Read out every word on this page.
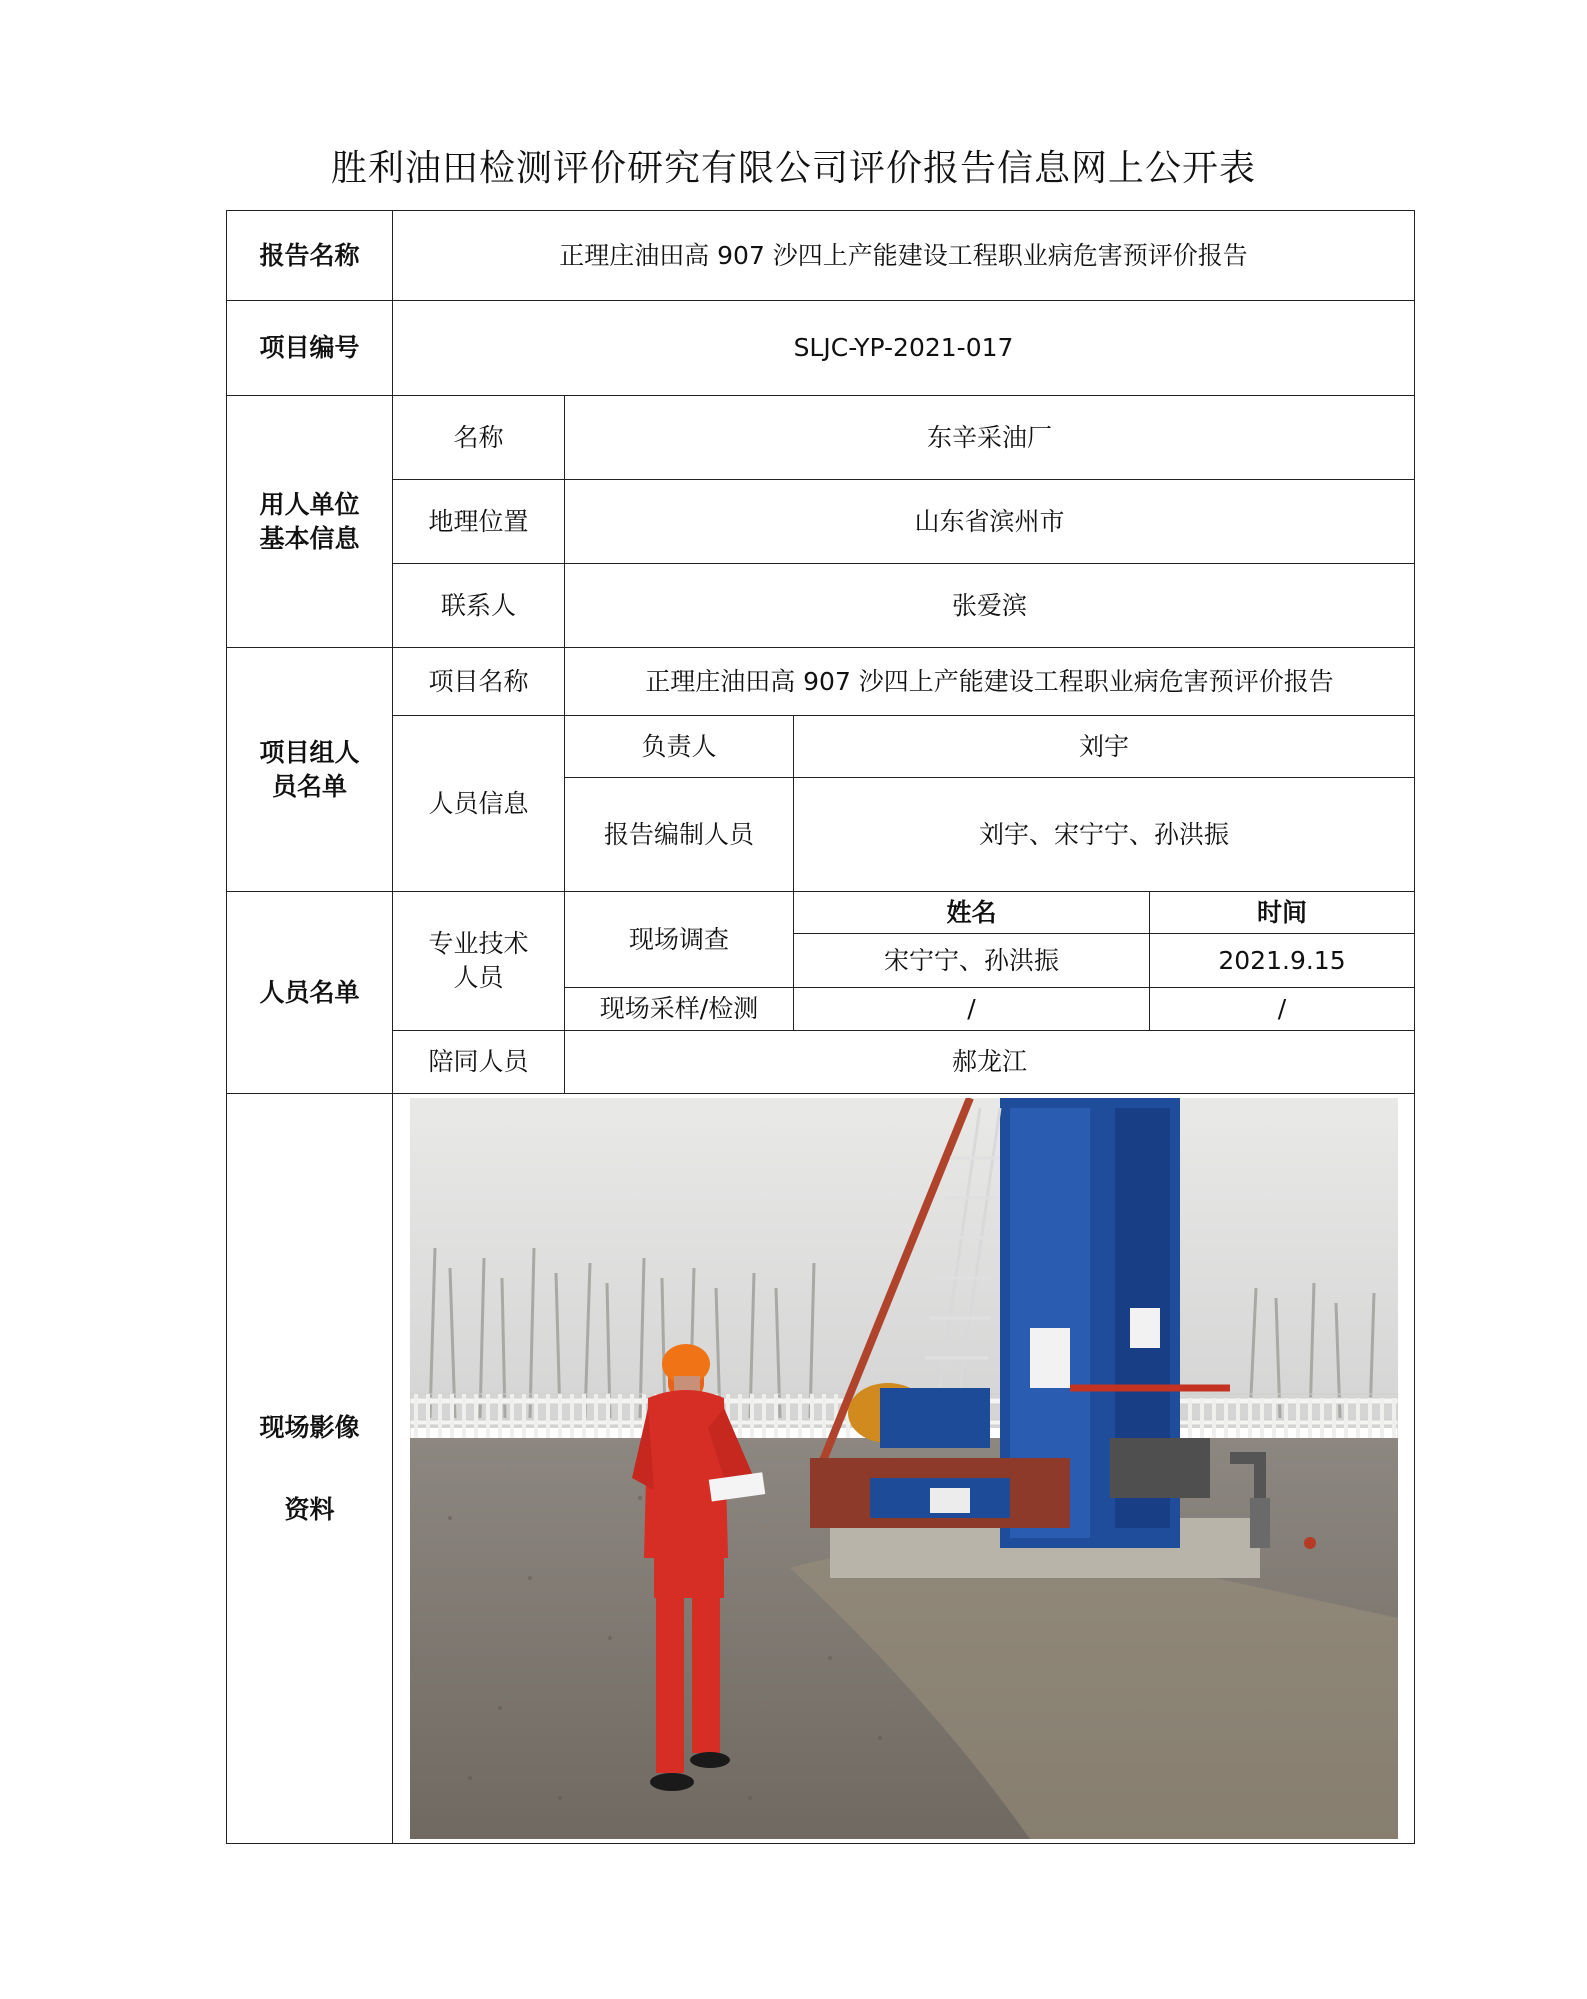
胜利油田检测评价研究有限公司评价报告信息网上公开表
报告名称	正理庄油田高 907 沙四上产能建设工程职业病危害预评价报告			
项目编号	SLJC-YP-2021-017			

用人单位
基本信息	名称	东辛采油厂		
	地理位置	山东省滨州市		
	联系人	张爱滨		

项目组人
员名单	项目名称	正理庄油田高 907 沙四上产能建设工程职业病危害预评价报告		
	人员信息	负责人	刘宇	
		报告编制人员	刘宇、宋宁宁、孙洪振	
人员名单	专业技术
人员	现场调查	姓名	时间
			宋宁宁、孙洪振	2021.9.15
		现场采样/检测	/	/
	陪同人员	郝龙江		

现场影像
资料
